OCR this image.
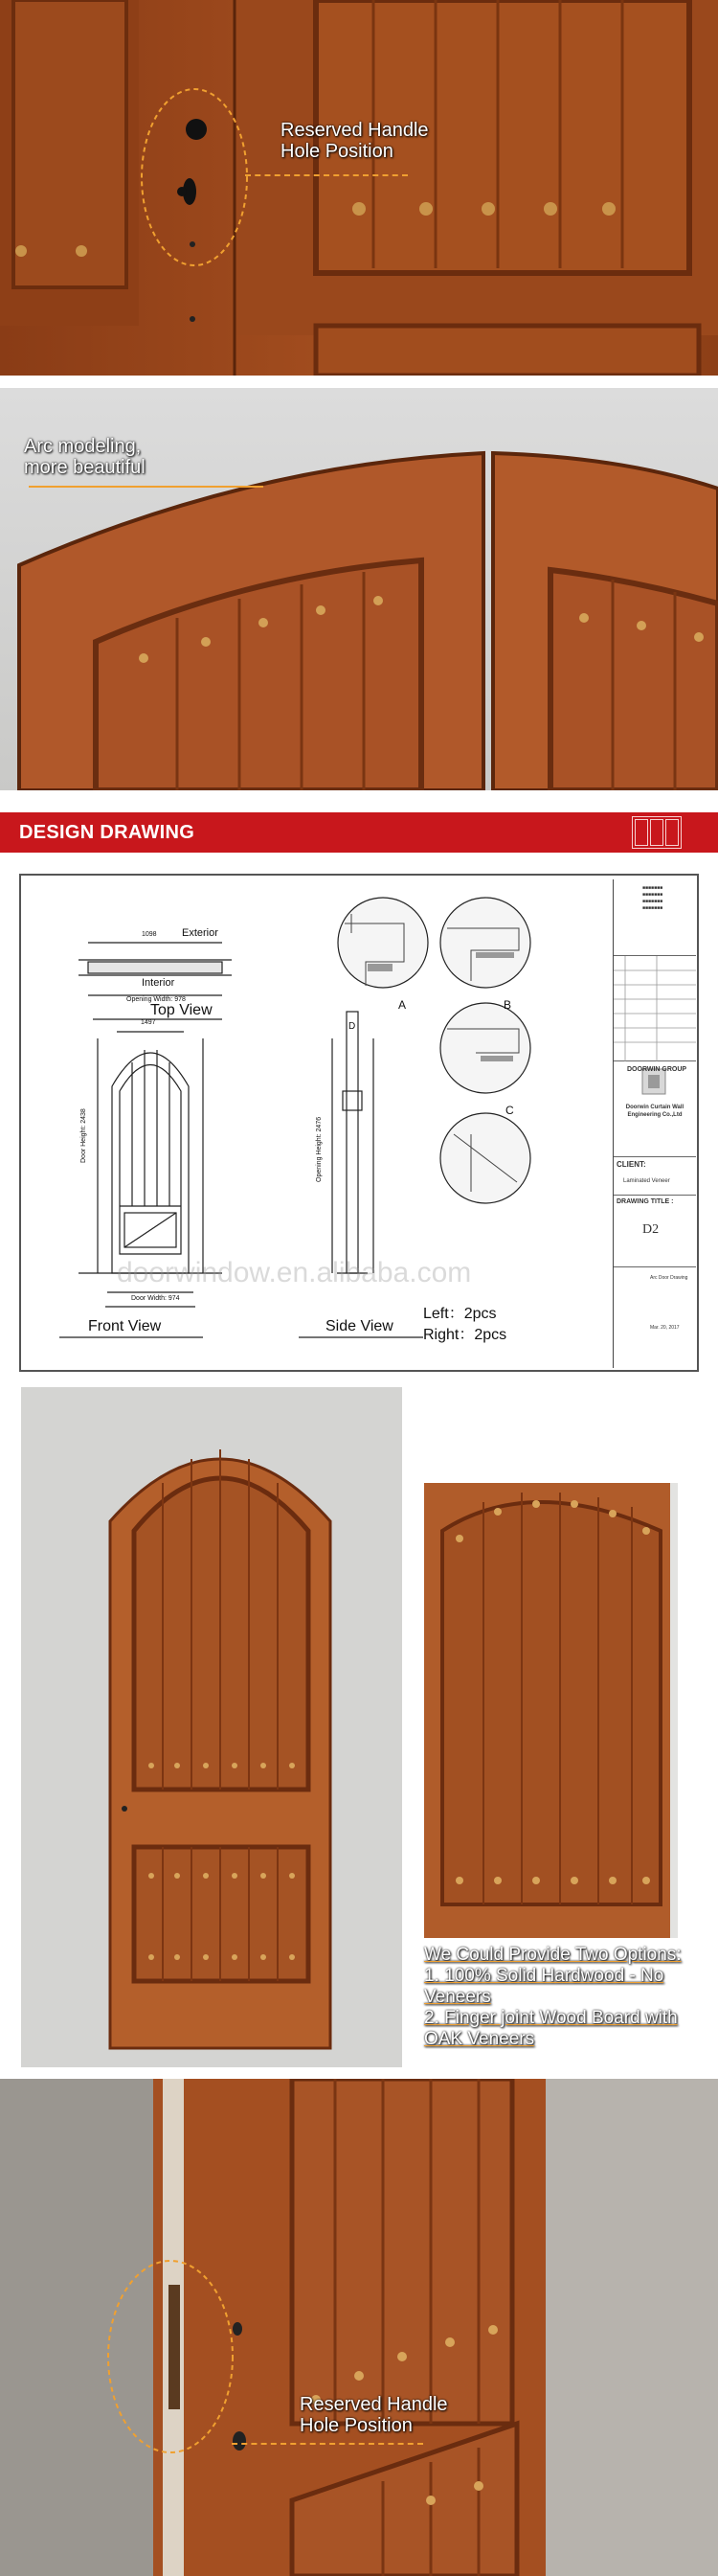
Reserved Handle
Hole Position
Arc modeling,
more beautiful
DESIGN DRAWING
Exterior
1098
Interior
Opening Width: 978
Top View
1497
Door Height: 2438
Door Width: 974
Front View
Opening Height: 2476
Side View
A	B
C
D
Left：2pcs
Right：2pcs
doorwindow.en.alibaba.com
■■■■■■■
■■■■■■■
■■■■■■■
■■■■■■■
DOORWIN GROUP
Doorwin Curtain Wall Engineering Co.,Ltd
CLIENT:
Laminated Veneer
DRAWING TITLE :
D2
Arc Door Drawing
Mar. 20, 2017
We Could Provide Two Options:
1. 100% Solid Hardwood - No
Veneers
2. Finger joint Wood Board with
OAK Veneers
Reserved Handle
Hole Position
